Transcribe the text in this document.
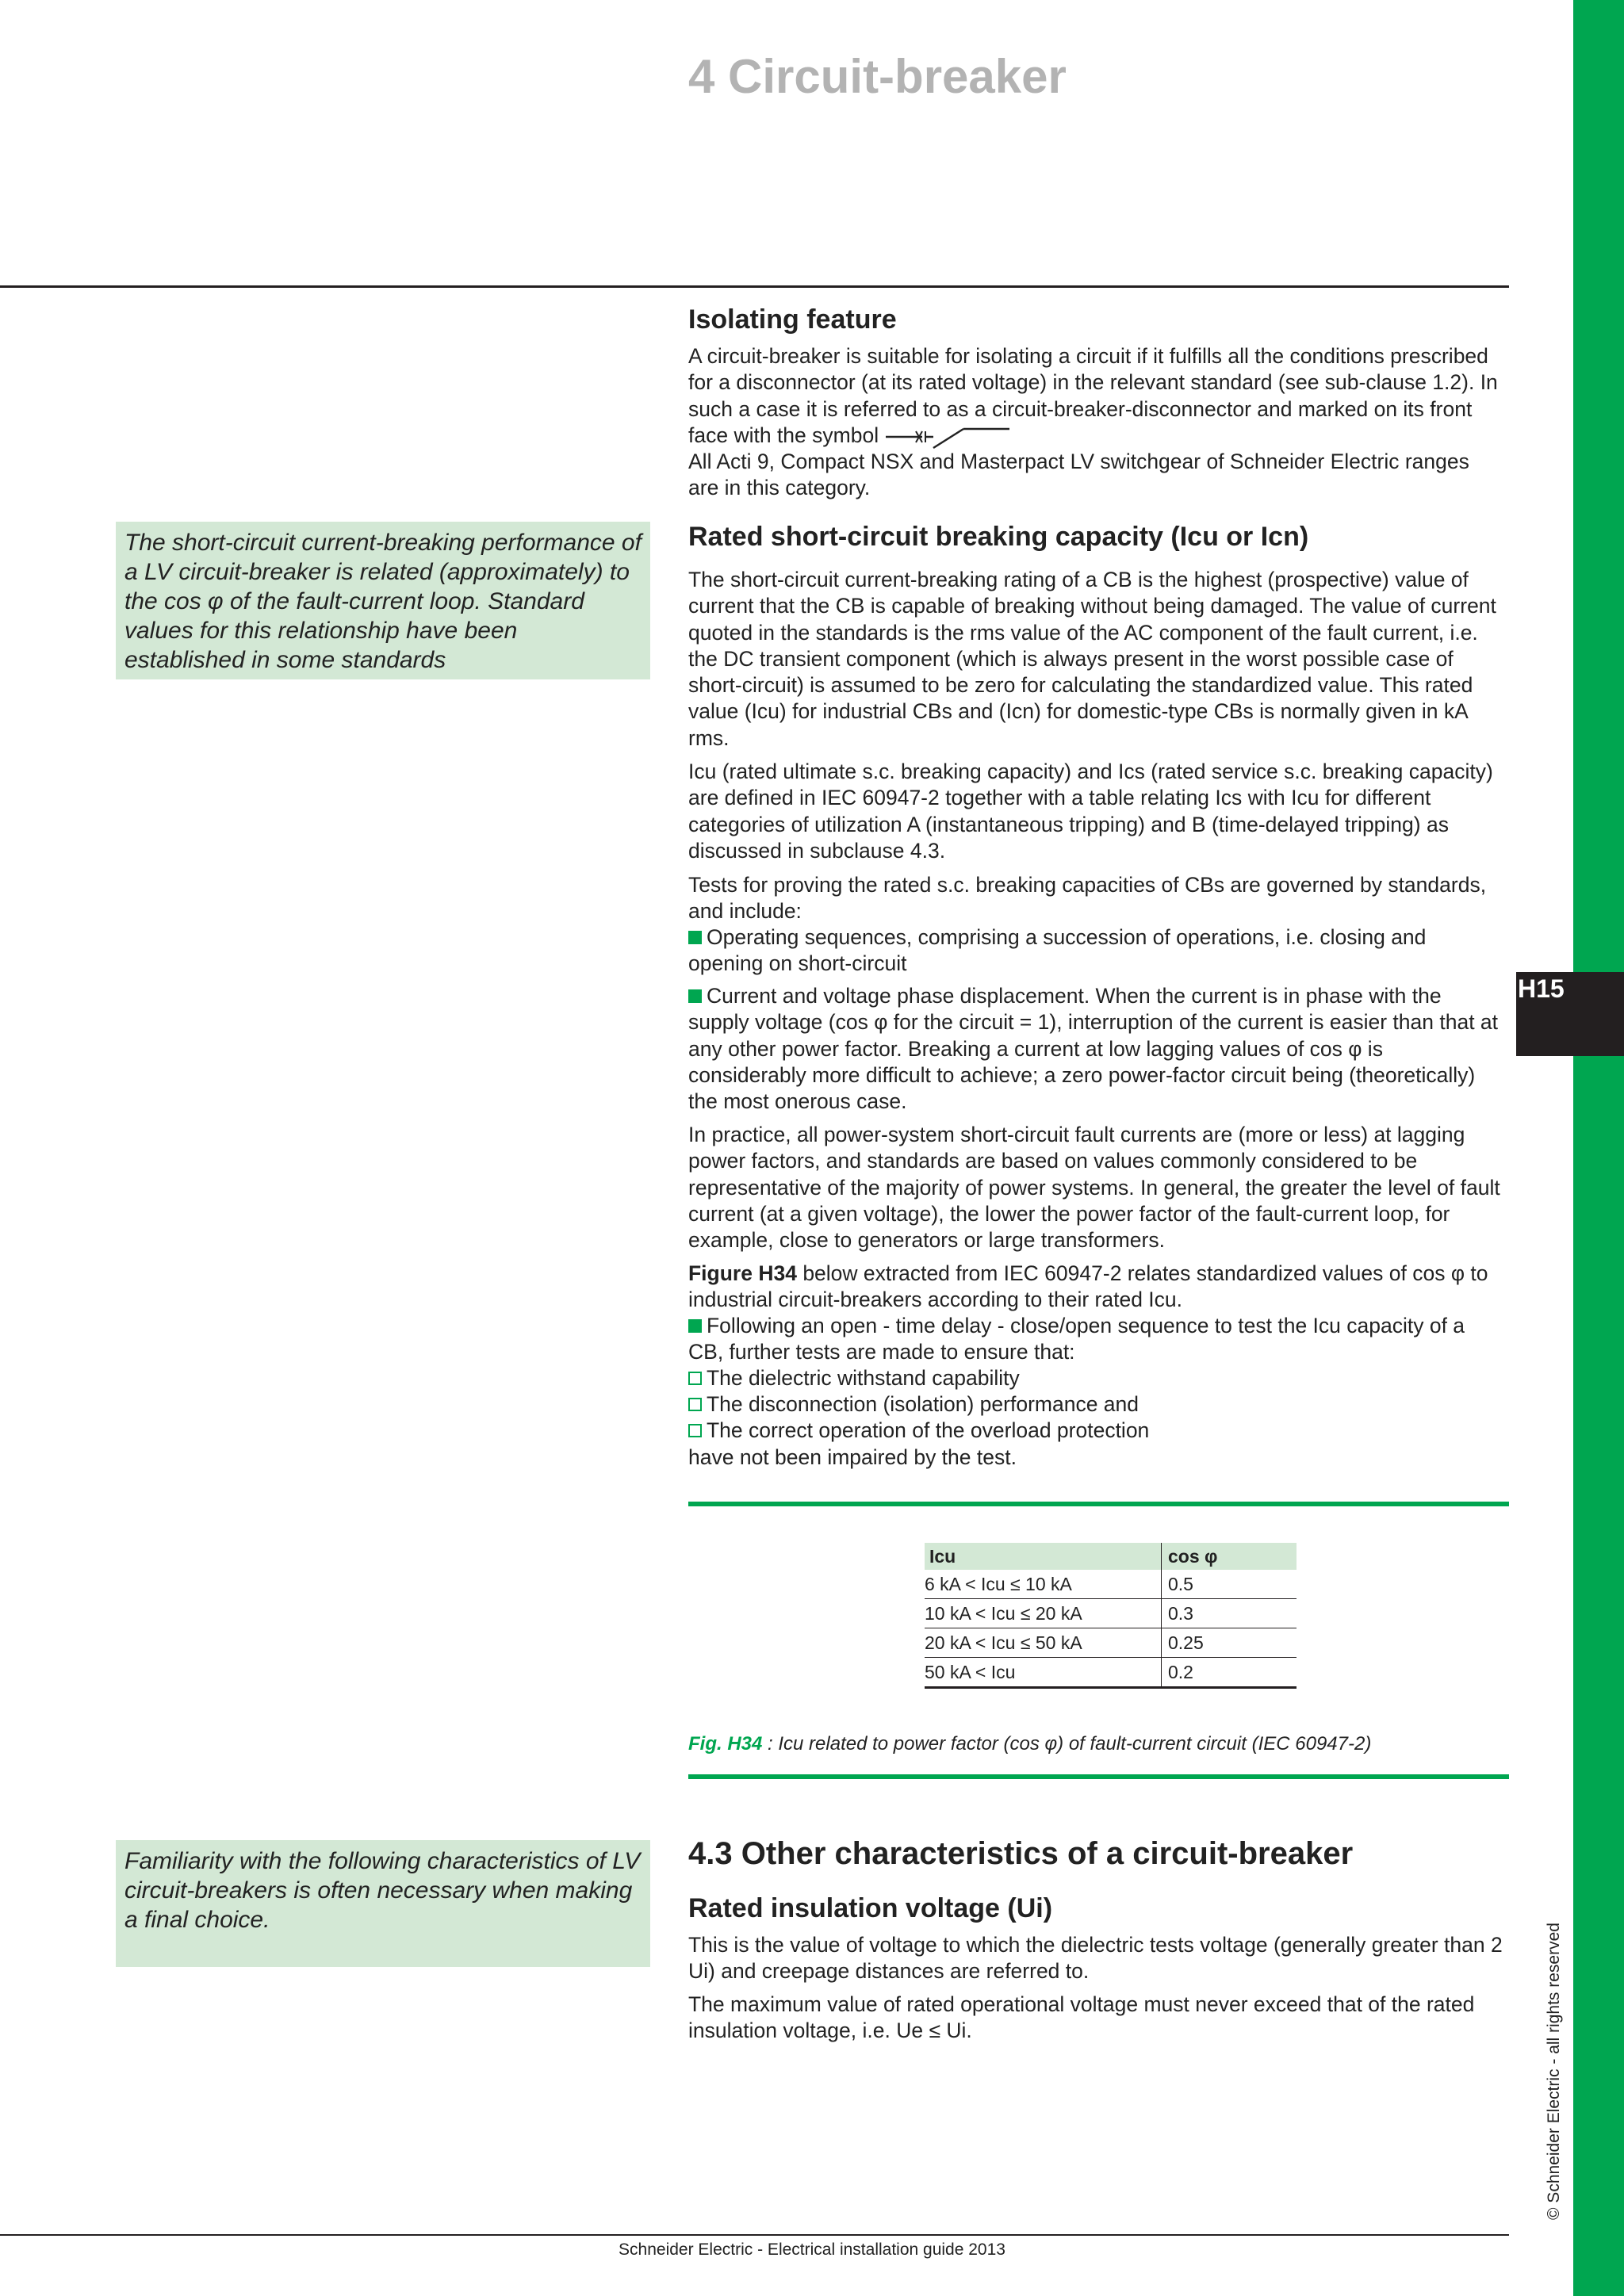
H15
© Schneider Electric - all rights reserved
4 Circuit-breaker
The short-circuit current-breaking performance of a LV circuit-breaker is related (approximately) to the cos φ of the fault-current loop. Standard values for this relationship have been established in some standards
Familiarity with the following characteristics of LV circuit-breakers is often necessary when making a final choice.
Isolating feature
A circuit-breaker is suitable for isolating a circuit if it fulfills all the conditions prescribed for a disconnector (at its rated voltage) in the relevant standard (see sub-clause 1.2). In such a case it is referred to as a circuit-breaker-disconnector and marked on its front face with the symbol
All Acti 9, Compact NSX and Masterpact LV switchgear of Schneider Electric ranges are in this category.
Rated short-circuit breaking capacity (Icu or Icn)
The short-circuit current-breaking rating of a CB is the highest (prospective) value of current that the CB is capable of breaking without being damaged. The value of current quoted in the standards is the rms value of the AC component of the fault current, i.e. the DC transient component (which is always present in the worst possible case of short-circuit) is assumed to be zero for calculating the standardized value. This rated value (Icu) for industrial CBs and (Icn) for domestic-type CBs is normally given in kA rms.
Icu (rated ultimate s.c. breaking capacity) and Ics (rated service s.c. breaking capacity) are defined in IEC 60947-2 together with a table relating Ics with Icu for different categories of utilization A (instantaneous tripping) and B (time-delayed tripping) as discussed in subclause 4.3.
Tests for proving the rated s.c. breaking capacities of CBs are governed by standards, and include:
Operating sequences, comprising a succession of operations, i.e. closing and opening on short-circuit
Current and voltage phase displacement. When the current is in phase with the supply voltage (cos φ for the circuit = 1), interruption of the current is easier than that at any other power factor. Breaking a current at low lagging values of cos φ is considerably more difficult to achieve; a zero power-factor circuit being (theoretically) the most onerous case.
In practice, all power-system short-circuit fault currents are (more or less) at lagging power factors, and standards are based on values commonly considered to be representative of the majority of power systems. In general, the greater the level of fault current (at a given voltage), the lower the power factor of the fault-current loop, for example, close to generators or large transformers.
Figure H34 below extracted from IEC 60947-2 relates standardized values of cos φ to industrial circuit-breakers according to their rated Icu.
Following an open - time delay - close/open sequence to test the Icu capacity of a CB, further tests are made to ensure that:
The dielectric withstand capability
The disconnection (isolation) performance and
The correct operation of the overload protection
have not been impaired by the test.
Icu	cos φ
6 kA < Icu ≤ 10 kA	0.5
10 kA < Icu ≤ 20 kA	0.3
20 kA < Icu ≤ 50 kA	0.25
50 kA < Icu	0.2
Fig. H34 : Icu related to power factor (cos φ) of fault-current circuit (IEC 60947-2)
4.3 Other characteristics of a circuit-breaker
Rated insulation voltage (Ui)
This is the value of voltage to which the dielectric tests voltage (generally greater than 2 Ui) and creepage distances are referred to.
The maximum value of rated operational voltage must never exceed that of the rated insulation voltage, i.e. Ue ≤ Ui.
Schneider Electric - Electrical installation guide 2013
